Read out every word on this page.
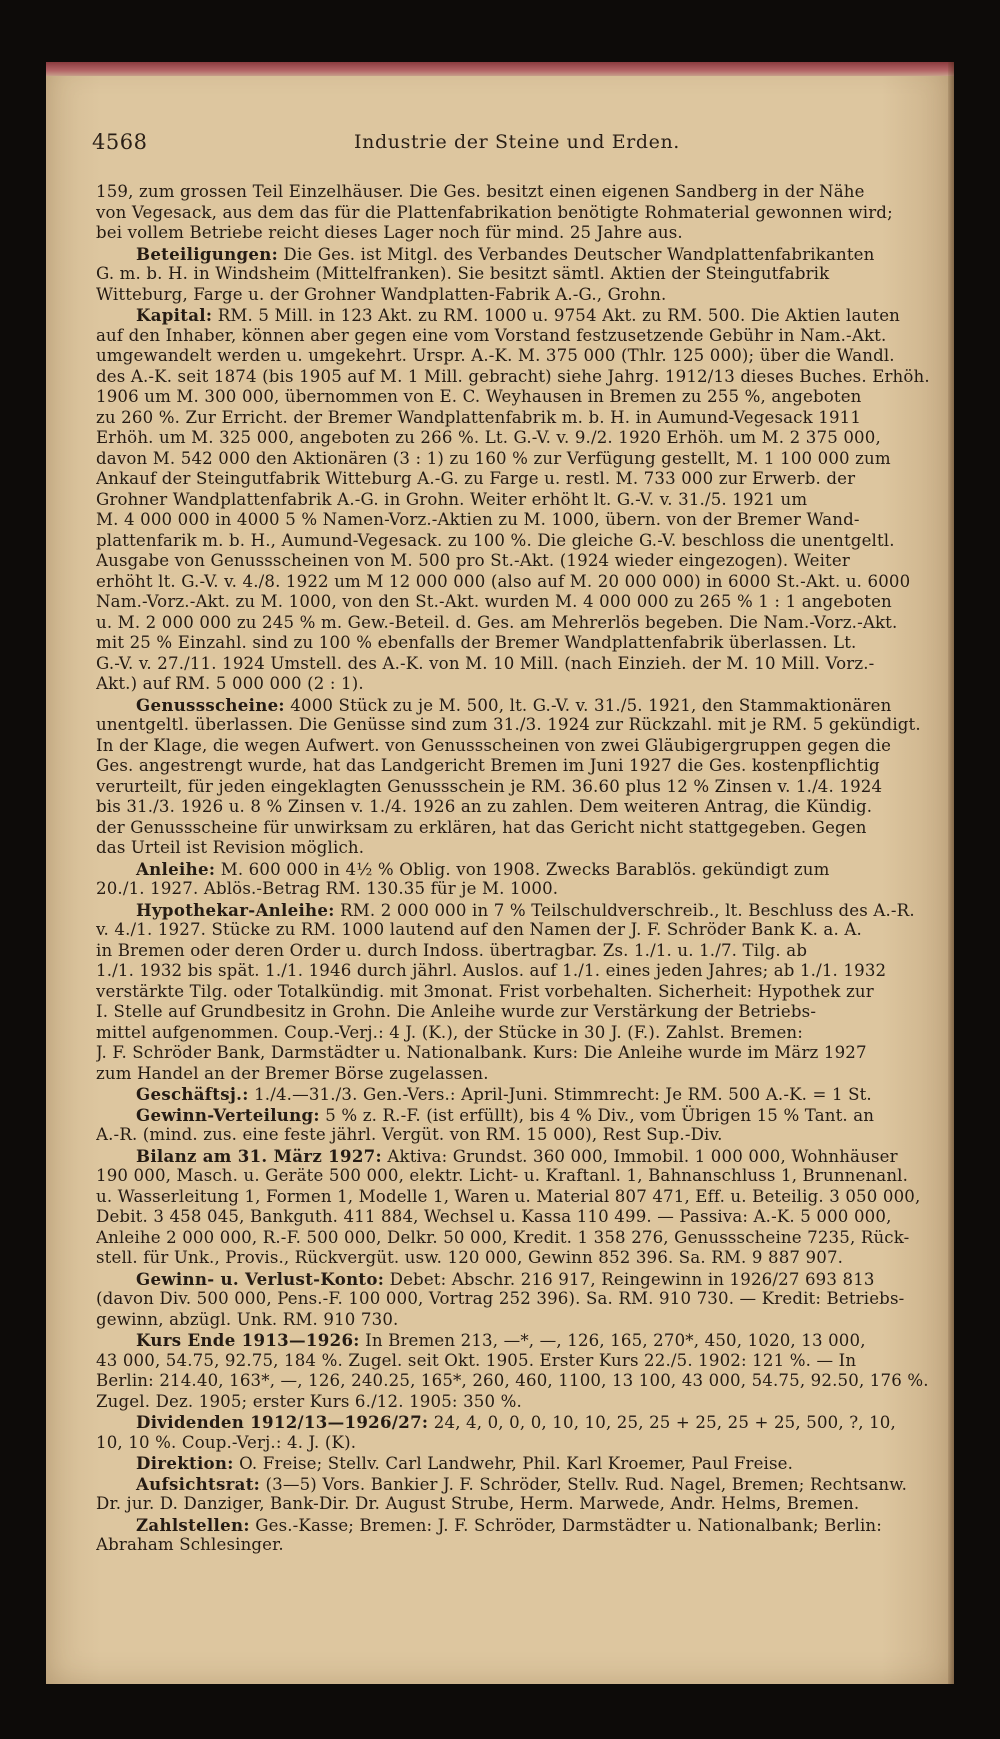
4568	Industrie der Steine und Erden.
159, zum grossen Teil Einzelhäuser. Die Ges. besitzt einen eigenen Sandberg in der Nähe
von Vegesack, aus dem das für die Plattenfabrikation benötigte Rohmaterial gewonnen wird;
bei vollem Betriebe reicht dieses Lager noch für mind. 25 Jahre aus.
Beteiligungen: Die Ges. ist Mitgl. des Verbandes Deutscher Wandplattenfabrikanten
G. m. b. H. in Windsheim (Mittelfranken). Sie besitzt sämtl. Aktien der Steingutfabrik
Witteburg, Farge u. der Grohner Wandplatten-Fabrik A.-G., Grohn.
Kapital: RM. 5 Mill. in 123 Akt. zu RM. 1000 u. 9754 Akt. zu RM. 500. Die Aktien lauten
auf den Inhaber, können aber gegen eine vom Vorstand festzusetzende Gebühr in Nam.-Akt.
umgewandelt werden u. umgekehrt. Urspr. A.-K. M. 375 000 (Thlr. 125 000); über die Wandl.
des A.-K. seit 1874 (bis 1905 auf M. 1 Mill. gebracht) siehe Jahrg. 1912/13 dieses Buches. Erhöh.
1906 um M. 300 000, übernommen von E. C. Weyhausen in Bremen zu 255 %, angeboten
zu 260 %. Zur Erricht. der Bremer Wandplattenfabrik m. b. H. in Aumund-Vegesack 1911
Erhöh. um M. 325 000, angeboten zu 266 %. Lt. G.-V. v. 9./2. 1920 Erhöh. um M. 2 375 000,
davon M. 542 000 den Aktionären (3 : 1) zu 160 % zur Verfügung gestellt, M. 1 100 000 zum
Ankauf der Steingutfabrik Witteburg A.-G. zu Farge u. restl. M. 733 000 zur Erwerb. der
Grohner Wandplattenfabrik A.-G. in Grohn. Weiter erhöht lt. G.-V. v. 31./5. 1921 um
M. 4 000 000 in 4000 5 % Namen-Vorz.-Aktien zu M. 1000, übern. von der Bremer Wand-
plattenfarik m. b. H., Aumund-Vegesack. zu 100 %. Die gleiche G.-V. beschloss die unentgeltl.
Ausgabe von Genussscheinen von M. 500 pro St.-Akt. (1924 wieder eingezogen). Weiter
erhöht lt. G.-V. v. 4./8. 1922 um M 12 000 000 (also auf M. 20 000 000) in 6000 St.-Akt. u. 6000
Nam.-Vorz.-Akt. zu M. 1000, von den St.-Akt. wurden M. 4 000 000 zu 265 % 1 : 1 angeboten
u. M. 2 000 000 zu 245 % m. Gew.-Beteil. d. Ges. am Mehrerlös begeben. Die Nam.-Vorz.-Akt.
mit 25 % Einzahl. sind zu 100 % ebenfalls der Bremer Wandplattenfabrik überlassen. Lt.
G.-V. v. 27./11. 1924 Umstell. des A.-K. von M. 10 Mill. (nach Einzieh. der M. 10 Mill. Vorz.-
Akt.) auf RM. 5 000 000 (2 : 1).
Genussscheine: 4000 Stück zu je M. 500, lt. G.-V. v. 31./5. 1921, den Stammaktionären
unentgeltl. überlassen. Die Genüsse sind zum 31./3. 1924 zur Rückzahl. mit je RM. 5 gekündigt.
In der Klage, die wegen Aufwert. von Genussscheinen von zwei Gläubigergruppen gegen die
Ges. angestrengt wurde, hat das Landgericht Bremen im Juni 1927 die Ges. kostenpflichtig
verurteilt, für jeden eingeklagten Genussschein je RM. 36.60 plus 12 % Zinsen v. 1./4. 1924
bis 31./3. 1926 u. 8 % Zinsen v. 1./4. 1926 an zu zahlen. Dem weiteren Antrag, die Kündig.
der Genussscheine für unwirksam zu erklären, hat das Gericht nicht stattgegeben. Gegen
das Urteil ist Revision möglich.
Anleihe: M. 600 000 in 4½ % Oblig. von 1908. Zwecks Barablös. gekündigt zum
20./1. 1927. Ablös.-Betrag RM. 130.35 für je M. 1000.
Hypothekar-Anleihe: RM. 2 000 000 in 7 % Teilschuldverschreib., lt. Beschluss des A.-R.
v. 4./1. 1927. Stücke zu RM. 1000 lautend auf den Namen der J. F. Schröder Bank K. a. A.
in Bremen oder deren Order u. durch Indoss. übertragbar. Zs. 1./1. u. 1./7. Tilg. ab
1./1. 1932 bis spät. 1./1. 1946 durch jährl. Auslos. auf 1./1. eines jeden Jahres; ab 1./1. 1932
verstärkte Tilg. oder Totalkündig. mit 3monat. Frist vorbehalten. Sicherheit: Hypothek zur
I. Stelle auf Grundbesitz in Grohn. Die Anleihe wurde zur Verstärkung der Betriebs-
mittel aufgenommen. Coup.-Verj.: 4 J. (K.), der Stücke in 30 J. (F.). Zahlst. Bremen:
J. F. Schröder Bank, Darmstädter u. Nationalbank. Kurs: Die Anleihe wurde im März 1927
zum Handel an der Bremer Börse zugelassen.
Geschäftsj.: 1./4.—31./3. Gen.-Vers.: April-Juni. Stimmrecht: Je RM. 500 A.-K. = 1 St.
Gewinn-Verteilung: 5 % z. R.-F. (ist erfüllt), bis 4 % Div., vom Übrigen 15 % Tant. an
A.-R. (mind. zus. eine feste jährl. Vergüt. von RM. 15 000), Rest Sup.-Div.
Bilanz am 31. März 1927: Aktiva: Grundst. 360 000, Immobil. 1 000 000, Wohnhäuser
190 000, Masch. u. Geräte 500 000, elektr. Licht- u. Kraftanl. 1, Bahnanschluss 1, Brunnenanl.
u. Wasserleitung 1, Formen 1, Modelle 1, Waren u. Material 807 471, Eff. u. Beteilig. 3 050 000,
Debit. 3 458 045, Bankguth. 411 884, Wechsel u. Kassa 110 499. — Passiva: A.-K. 5 000 000,
Anleihe 2 000 000, R.-F. 500 000, Delkr. 50 000, Kredit. 1 358 276, Genussscheine 7235, Rück-
stell. für Unk., Provis., Rückvergüt. usw. 120 000, Gewinn 852 396. Sa. RM. 9 887 907.
Gewinn- u. Verlust-Konto: Debet: Abschr. 216 917, Reingewinn in 1926/27 693 813
(davon Div. 500 000, Pens.-F. 100 000, Vortrag 252 396). Sa. RM. 910 730. — Kredit: Betriebs-
gewinn, abzügl. Unk. RM. 910 730.
Kurs Ende 1913—1926: In Bremen 213, —*, —, 126, 165, 270*, 450, 1020, 13 000,
43 000, 54.75, 92.75, 184 %. Zugel. seit Okt. 1905. Erster Kurs 22./5. 1902: 121 %. — In
Berlin: 214.40, 163*, —, 126, 240.25, 165*, 260, 460, 1100, 13 100, 43 000, 54.75, 92.50, 176 %.
Zugel. Dez. 1905; erster Kurs 6./12. 1905: 350 %.
Dividenden 1912/13—1926/27: 24, 4, 0, 0, 0, 10, 10, 25, 25 + 25, 25 + 25, 500, ?, 10,
10, 10 %. Coup.-Verj.: 4. J. (K).
Direktion: O. Freise; Stellv. Carl Landwehr, Phil. Karl Kroemer, Paul Freise.
Aufsichtsrat: (3—5) Vors. Bankier J. F. Schröder, Stellv. Rud. Nagel, Bremen; Rechtsanw.
Dr. jur. D. Danziger, Bank-Dir. Dr. August Strube, Herm. Marwede, Andr. Helms, Bremen.
Zahlstellen: Ges.-Kasse; Bremen: J. F. Schröder, Darmstädter u. Nationalbank; Berlin:
Abraham Schlesinger.
